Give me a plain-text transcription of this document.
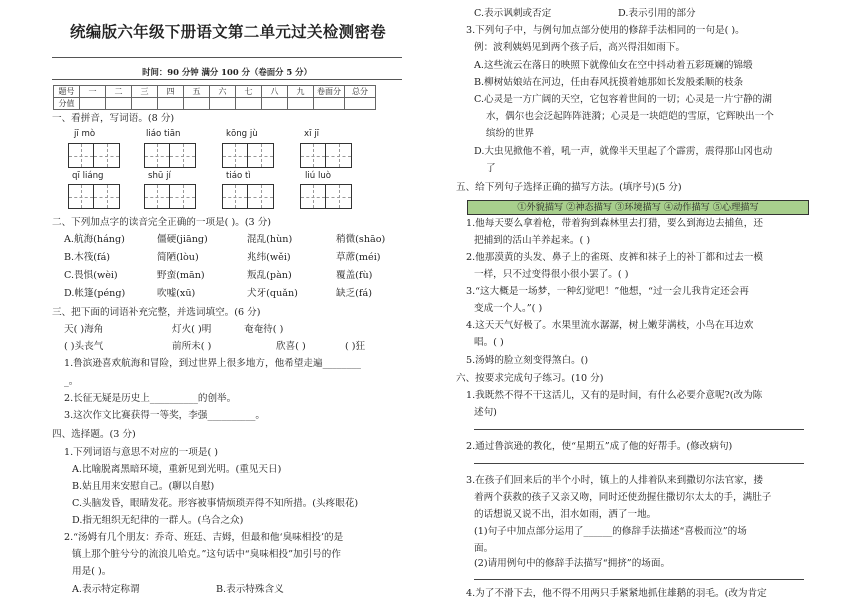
统编版六年级下册语文第二单元过关检测密卷
时间：90 分钟 满分 100 分（卷面分 5 分）
题号	一	二	三	四	五	六	七	八	九	卷面分	总分
分值											
一、看拼音，写词语。(8 分)
jī mò	liáo tiān	kōng jù	xī jī
qī liáng	shū jí	tiáo tì	liú luò
二、下列加点字的读音完全正确的一项是( )。(3 分)
A.航海(háng)	僵硬(jiāng)	混乱(hùn)	稍微(shāo)
B.木筏(fá)	简陋(lòu)	兆纬(wěi)	草蓆(méi)
C.畏惧(wèi)	野蛮(mān)	叛乱(pàn)	覆盖(fù)
D.帐篷(péng)	吹嘘(xū)	犬牙(quǎn)	缺乏(fá)
三、把下面的词语补充完整，并选词填空。(6 分)
天( )海角	灯火( )明	奄奄待( )
( )头丧气	前所未( )	欣喜( )	( )狂
1.鲁滨逊喜欢航海和冒险，到过世界上很多地方，他希望走遍________
_。
2.长征无疑是历史上__________的创举。
3.这次作文比赛获得一等奖，李强__________。
四、选择题。(3 分)
1.下列词语与意思不对应的一项是( )
A.比喻脱离黑暗环境，重新见到光明。(重见天日)
B.姑且用来安慰自己。(聊以自慰)
C.头脑发昏，眼睛发花。形容被事情烦琐弄得不知所措。(头疼眼花)
D.指无组织无纪律的一群人。(乌合之众)
2.“汤姆有几个朋友：乔奇、班廷、吉姆，但最和他‘臭味相投’的是
镇上那个脏兮兮的流浪儿哈克。”这句话中“臭味相投”加引号的作
用是( )。
A.表示特定称谓	B.表示特殊含义
C.表示讽刺或否定	D.表示引用的部分
3.下列句子中，与例句加点部分使用的修辞手法相同的一句是( )。
例：波利姨妈见到两个孩子后，高兴得泪如雨下。
A.这些流云在落日的映照下就像仙女在空中抖动着五彩斑斓的锦缎
B.柳树姑娘站在河边，任由春风抚摸着她那如长发般柔顺的枝条
C.心灵是一方广阔的天空，它包容着世间的一切；心灵是一片宁静的湖
水，偶尔也会泛起阵阵涟漪；心灵是一块皑皑的雪原，它辉映出一个
缤纷的世界
D.大虫见掀他不着，吼一声，就像半天里起了个霹雳，震得那山冈也动
了
五、给下列句子选择正确的描写方法。(填序号)(5 分)
①外貌描写 ②神态描写 ③环境描写 ④动作描写 ⑤心理描写
1.他每天要么拿着枪，带着狗到森林里去打猎，要么到海边去捕鱼，还
把捕到的活山羊养起来。( )
2.他那漠黄的头发、鼻子上的雀斑、皮裤和袜子上的补丁都和过去一模
一样，只不过变得很小很小罢了。( )
3.“这大概是一场梦，一种幻觉吧！”他想，“过一会儿我肯定还会再
变成一个人。”( )
4.这天天气好极了。水果里流水潺潺，树上嫩芽满枝，小鸟在耳边欢
唱。( )
5.汤姆的脸立刻变得煞白。()
六、按要求完成句子练习。(10 分)
1.我既然不得不干这活儿，又有的是时间，有什么必要介意呢?(改为陈
述句)
2.通过鲁滨逊的教化，使“星期五”成了他的好帮手。(修改病句)
3.在孩子们回来后的半个小时，镇上的人排着队来到撒切尔法官家，搂
着两个获救的孩子又亲又吻，同时还使劲握住撒切尔太太的手，满肚子
的话想说又说不出，泪水如雨，洒了一地。
(1)句子中加点部分运用了______的修辞手法描述“喜极而泣”的场
面。
(2)请用例句中的修辞手法描写“拥挤”的场面。
4.为了不滑下去，他不得不用两只手紧紧地抓住雄鹅的羽毛。(改为肯定
